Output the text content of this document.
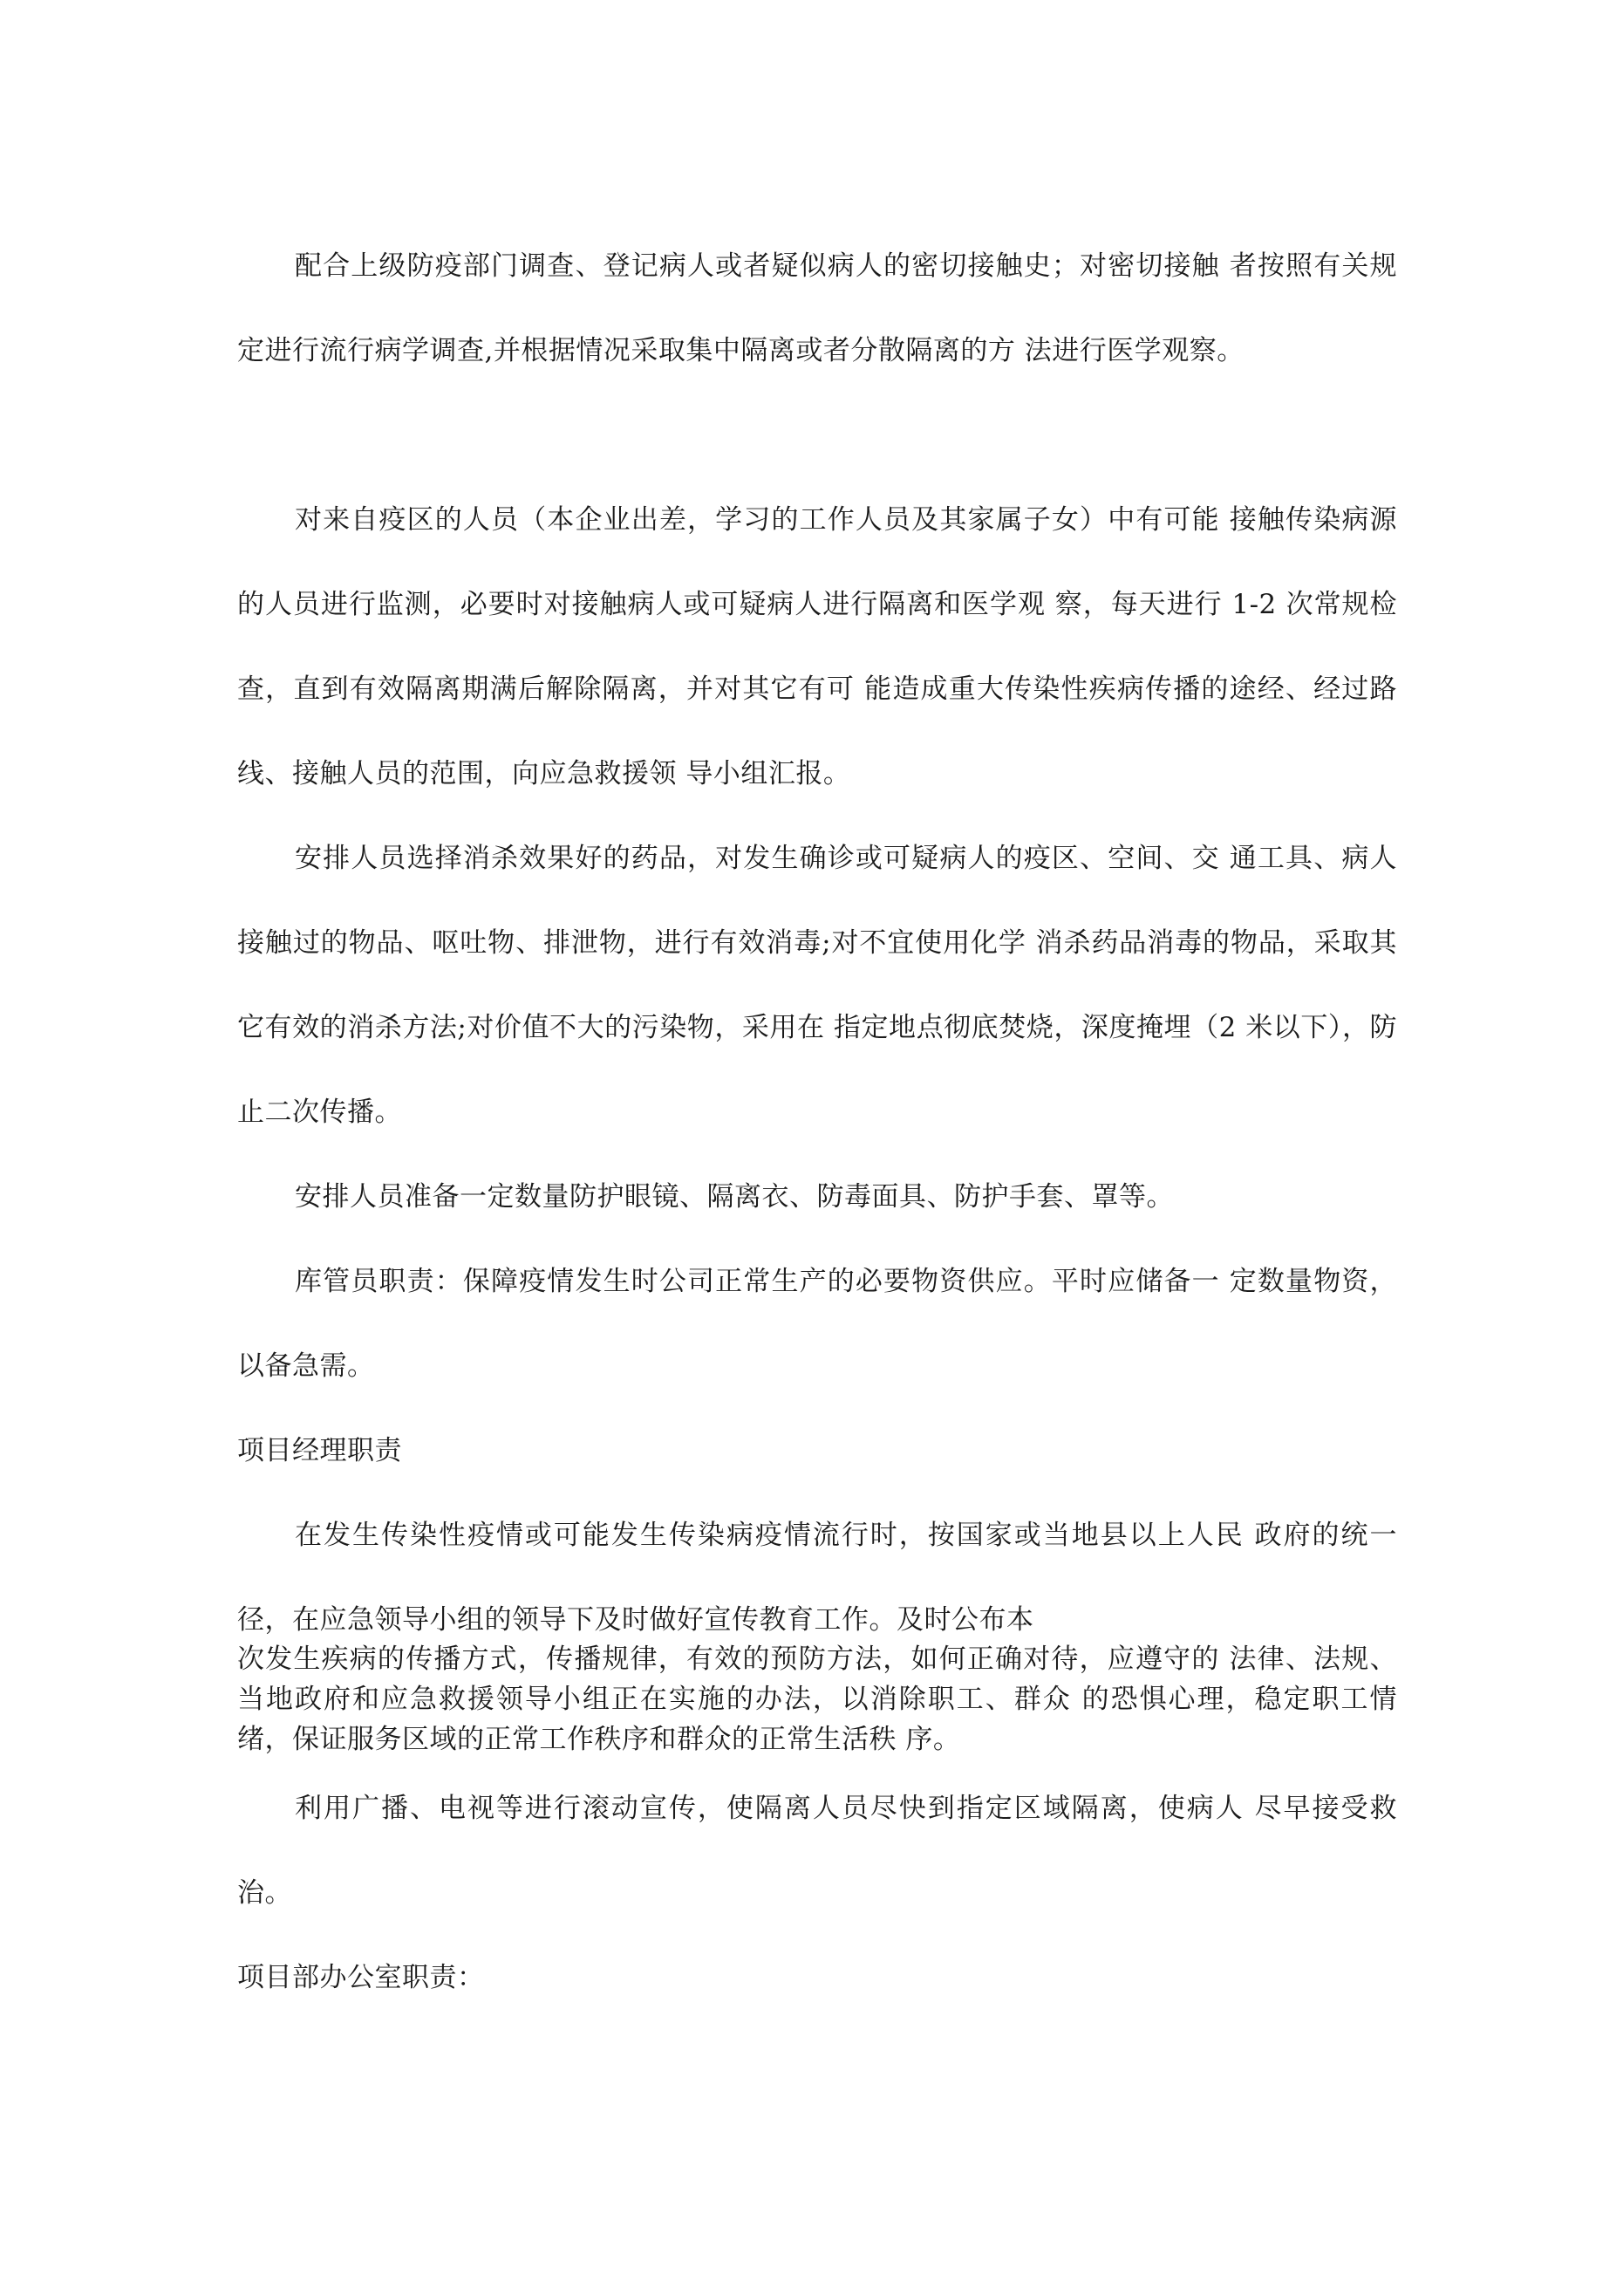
配合上级防疫部门调查、登记病人或者疑似病人的密切接触史；对密切接触 者按照有关规定进行流行病学调查,并根据情况采取集中隔离或者分散隔离的方 法进行医学观察。

对来自疫区的人员（本企业出差，学习的工作人员及其家属子女）中有可能 接触传染病源的人员进行监测，必要时对接触病人或可疑病人进行隔离和医学观 察，每天进行 1-2 次常规检查，直到有效隔离期满后解除隔离，并对其它有可 能造成重大传染性疾病传播的途经、经过路线、接触人员的范围，向应急救援领 导小组汇报。

安排人员选择消杀效果好的药品，对发生确诊或可疑病人的疫区、空间、交 通工具、病人接触过的物品、呕吐物、排泄物，进行有效消毒;对不宜使用化学 消杀药品消毒的物品，采取其它有效的消杀方法;对价值不大的污染物，采用在 指定地点彻底焚烧，深度掩埋（2 米以下），防止二次传播。

安排人员准备一定数量防护眼镜、隔离衣、防毒面具、防护手套、罩等。

库管员职责：保障疫情发生时公司正常生产的必要物资供应。平时应储备一 定数量物资，以备急需。

项目经理职责

在发生传染性疫情或可能发生传染病疫情流行时，按国家或当地县以上人民 政府的统一径，在应急领导小组的领导下及时做好宣传教育工作。及时公布本

次发生疾病的传播方式，传播规律，有效的预防方法，如何正确对待，应遵守的 法律、法规、当地政府和应急救援领导小组正在实施的办法，以消除职工、群众 的恐惧心理，稳定职工情绪，保证服务区域的正常工作秩序和群众的正常生活秩 序。

利用广播、电视等进行滚动宣传，使隔离人员尽快到指定区域隔离，使病人 尽早接受救治。

项目部办公室职责：
